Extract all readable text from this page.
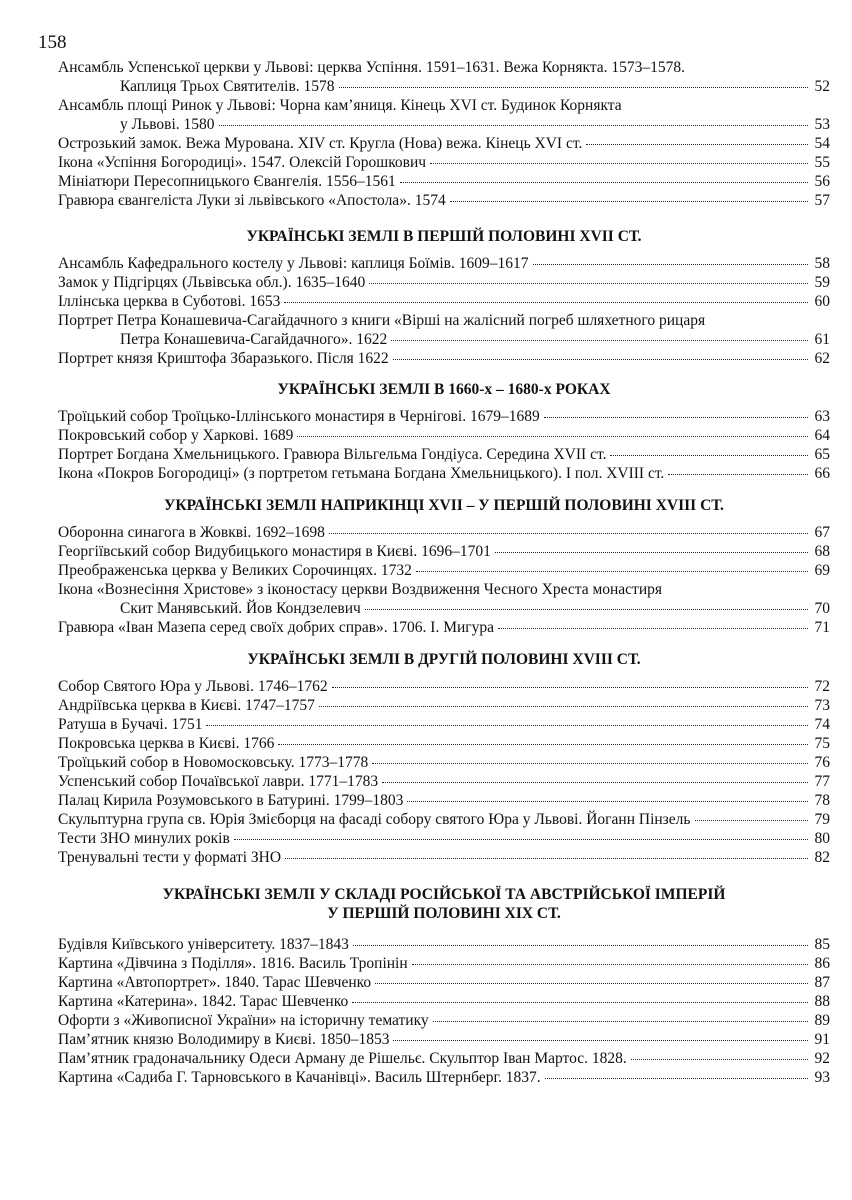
158
Ансамбль Успенської церкви у Львові: церква Успіння. 1591–1631. Вежа Корнякта. 1573–1578.
Каплиця Трьох Святителів. 1578	52
Ансамбль площі Ринок у Львові: Чорна кам’яниця. Кінець XVI ст. Будинок Корнякта
у Львові. 1580	53
Острозький замок. Вежа Мурована. XIV ст. Кругла (Нова) вежа. Кінець XVI ст.	54
Ікона «Успіння Богородиці». 1547. Олексій Горошкович	55
Мініатюри Пересопницького Євангелія. 1556–1561	56
Гравюра євангеліста Луки зі львівського «Апостола». 1574	57
УКРАЇНСЬКІ ЗЕМЛІ В ПЕРШІЙ ПОЛОВИНІ XVII СТ.
Ансамбль Кафедрального костелу у Львові: каплиця Боїмів. 1609–1617	58
Замок у Підгірцях (Львівська обл.). 1635–1640	59
Іллінська церква в Суботові. 1653	60
Портрет Петра Конашевича-Сагайдачного з книги «Вірші на жалісний погреб шляхетного рицаря
Петра Конашевича-Сагайдачного». 1622	61
Портрет князя Криштофа Збаразького. Після 1622	62
УКРАЇНСЬКІ ЗЕМЛІ В 1660-х – 1680-х РОКАХ
Троїцький собор Троїцько-Іллінського монастиря в Чернігові. 1679–1689	63
Покровський собор у Харкові. 1689	64
Портрет Богдана Хмельницького. Гравюра Вільгельма Гондіуса. Середина XVII ст.	65
Ікона «Покров Богородиці» (з портретом гетьмана Богдана Хмельницького). I пол. XVIII ст.	66
УКРАЇНСЬКІ ЗЕМЛІ НАПРИКІНЦІ XVII – У ПЕРШІЙ ПОЛОВИНІ XVIII СТ.
Оборонна синагога в Жовкві. 1692–1698	67
Георгіївський собор Видубицького монастиря в Києві. 1696–1701	68
Преображенська церква у Великих Сорочинцях. 1732	69
Ікона «Вознесіння Христове» з іконостасу церкви Воздвиження Чесного Хреста монастиря
Скит Манявський. Йов Кондзелевич	70
Гравюра «Іван Мазепа серед своїх добрих справ». 1706. І. Мигура	71
УКРАЇНСЬКІ ЗЕМЛІ В ДРУГІЙ ПОЛОВИНІ XVIII СТ.
Собор Святого Юра у Львові. 1746–1762	72
Андріївська церква в Києві. 1747–1757	73
Ратуша в Бучачі. 1751	74
Покровська церква в Києві. 1766	75
Троїцький собор в Новомосковську. 1773–1778	76
Успенський собор Почаївської лаври. 1771–1783	77
Палац Кирила Розумовського в Батурині. 1799–1803	78
Скульптурна група св. Юрія Змієборця на фасаді собору святого Юра у Львові. Йоганн Пінзель	79
Тести ЗНО минулих років	80
Тренувальні тести у форматі ЗНО	82
УКРАЇНСЬКІ ЗЕМЛІ У СКЛАДІ РОСІЙСЬКОЇ ТА АВСТРІЙСЬКОЇ ІМПЕРІЙ
У ПЕРШІЙ ПОЛОВИНІ XIX СТ.
Будівля Київського університету. 1837–1843	85
Картина «Дівчина з Поділля». 1816. Василь Тропінін	86
Картина «Автопортрет». 1840. Тарас Шевченко	87
Картина «Катерина». 1842. Тарас Шевченко	88
Офорти з «Живописної України» на історичну тематику	89
Пам’ятник князю Володимиру в Києві. 1850–1853	91
Пам’ятник градоначальнику Одеси Арману де Рішельє. Скульптор Іван Мартос. 1828.	92
Картина «Садиба Г. Тарновського в Качанівці». Василь Штернберг. 1837.	93
